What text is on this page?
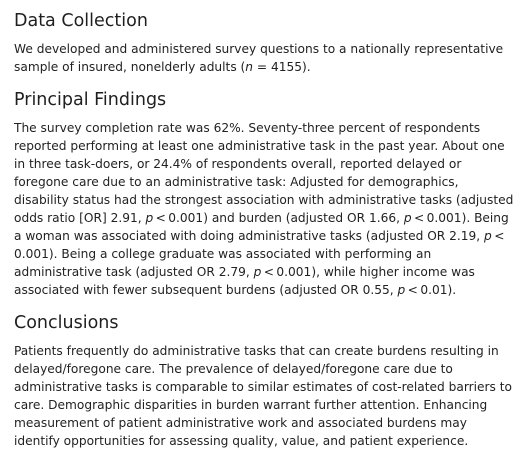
Data Collection

We developed and administered survey questions to a nationally representative sample of insured, nonelderly adults (n = 4155).

Principal Findings

The survey completion rate was 62%. Seventy-three percent of respondents reported performing at least one administrative task in the past year. About one in three task-doers, or 24.4% of respondents overall, reported delayed or foregone care due to an administrative task: Adjusted for demographics, disability status had the strongest association with administrative tasks (adjusted odds ratio [OR] 2.91, p < 0.001) and burden (adjusted OR 1.66, p < 0.001). Being a woman was associated with doing administrative tasks (adjusted OR 2.19, p < 0.001). Being a college graduate was associated with performing an administrative task (adjusted OR 2.79, p < 0.001), while higher income was associated with fewer subsequent burdens (adjusted OR 0.55, p < 0.01).

Conclusions

Patients frequently do administrative tasks that can create burdens resulting in delayed/foregone care. The prevalence of delayed/foregone care due to administrative tasks is comparable to similar estimates of cost-related barriers to care. Demographic disparities in burden warrant further attention. Enhancing measurement of patient administrative work and associated burdens may identify opportunities for assessing quality, value, and patient experience.
